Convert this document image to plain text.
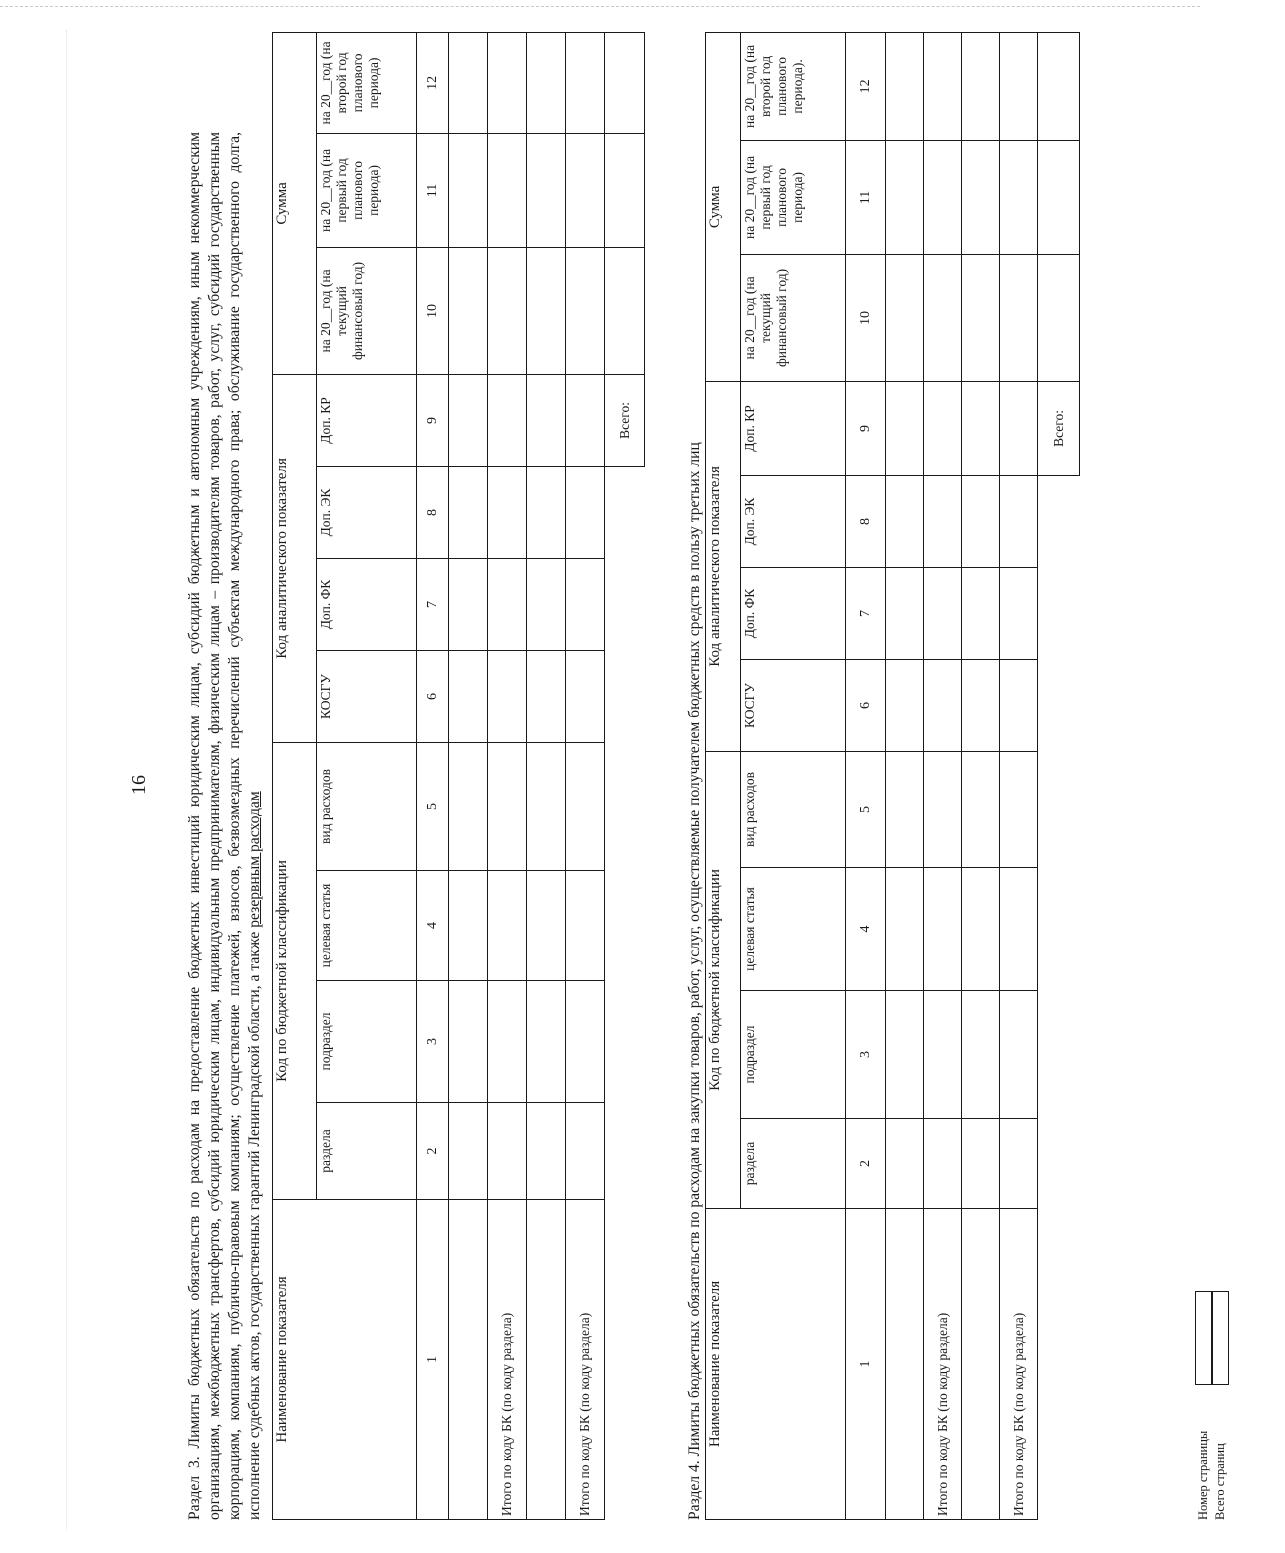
16 Раздел 3. Лимиты бюджетных обязательств по расходам на предоставление бюджетных инвестиций юридическим лицам, субсидий бюджетным и автономным учреждениям, иным некоммерческим организациям, межбюджетных трансфертов, субсидий юридическим лицам, индивидуальным предпринимателям, физическим лицам – производителям товаров, работ, услуг, субсидий государственным корпорациям, компаниям, публично-правовым компаниям; осуществление платежей, взносов, безвозмездных перечислений субъектам международного права; обслуживание государственного долга, исполнение судебных актов, государственных гарантий Ленинградской области, а также резервным расходам

Наименование показателя	Код по бюджетной классификации				Код аналитического показателя				Сумма		
	раздела	подраздел	целевая статья	вид расходов	КОСГУ	Доп. ФК	Доп. ЭК	Доп. КР	на 20__год (на текущий финансовый год)	на 20__год (на первый год планового периода)	на 20__год (на второй год планового периода)
1	2	3	4	5	6	7	8	9	10	11	12

Итого по коду БК (по коду раздела)											

Итого по коду БК (по коду раздела)											
								Всего:			

Раздел 4. Лимиты бюджетных обязательств по расходам на закупки товаров, работ, услуг, осуществляемые получателем бюджетных средств в пользу третьих лиц Наименование показателя	Код по бюджетной классификации				Код аналитического показателя				Сумма		
	раздела	подраздел	целевая статья	вид расходов	КОСГУ	Доп. ФК	Доп. ЭК	Доп. КР	на 20__год (на текущий финансовый год)	на 20__год (на первый год планового периода)	на 20__год (на второй год планового периода).
1	2	3	4	5	6	7	8	9	10	11	12

Итого по коду БК (по коду раздела)											

Итого по коду БК (по коду раздела)											
								Всего:			
Номер страницы Всего страниц
